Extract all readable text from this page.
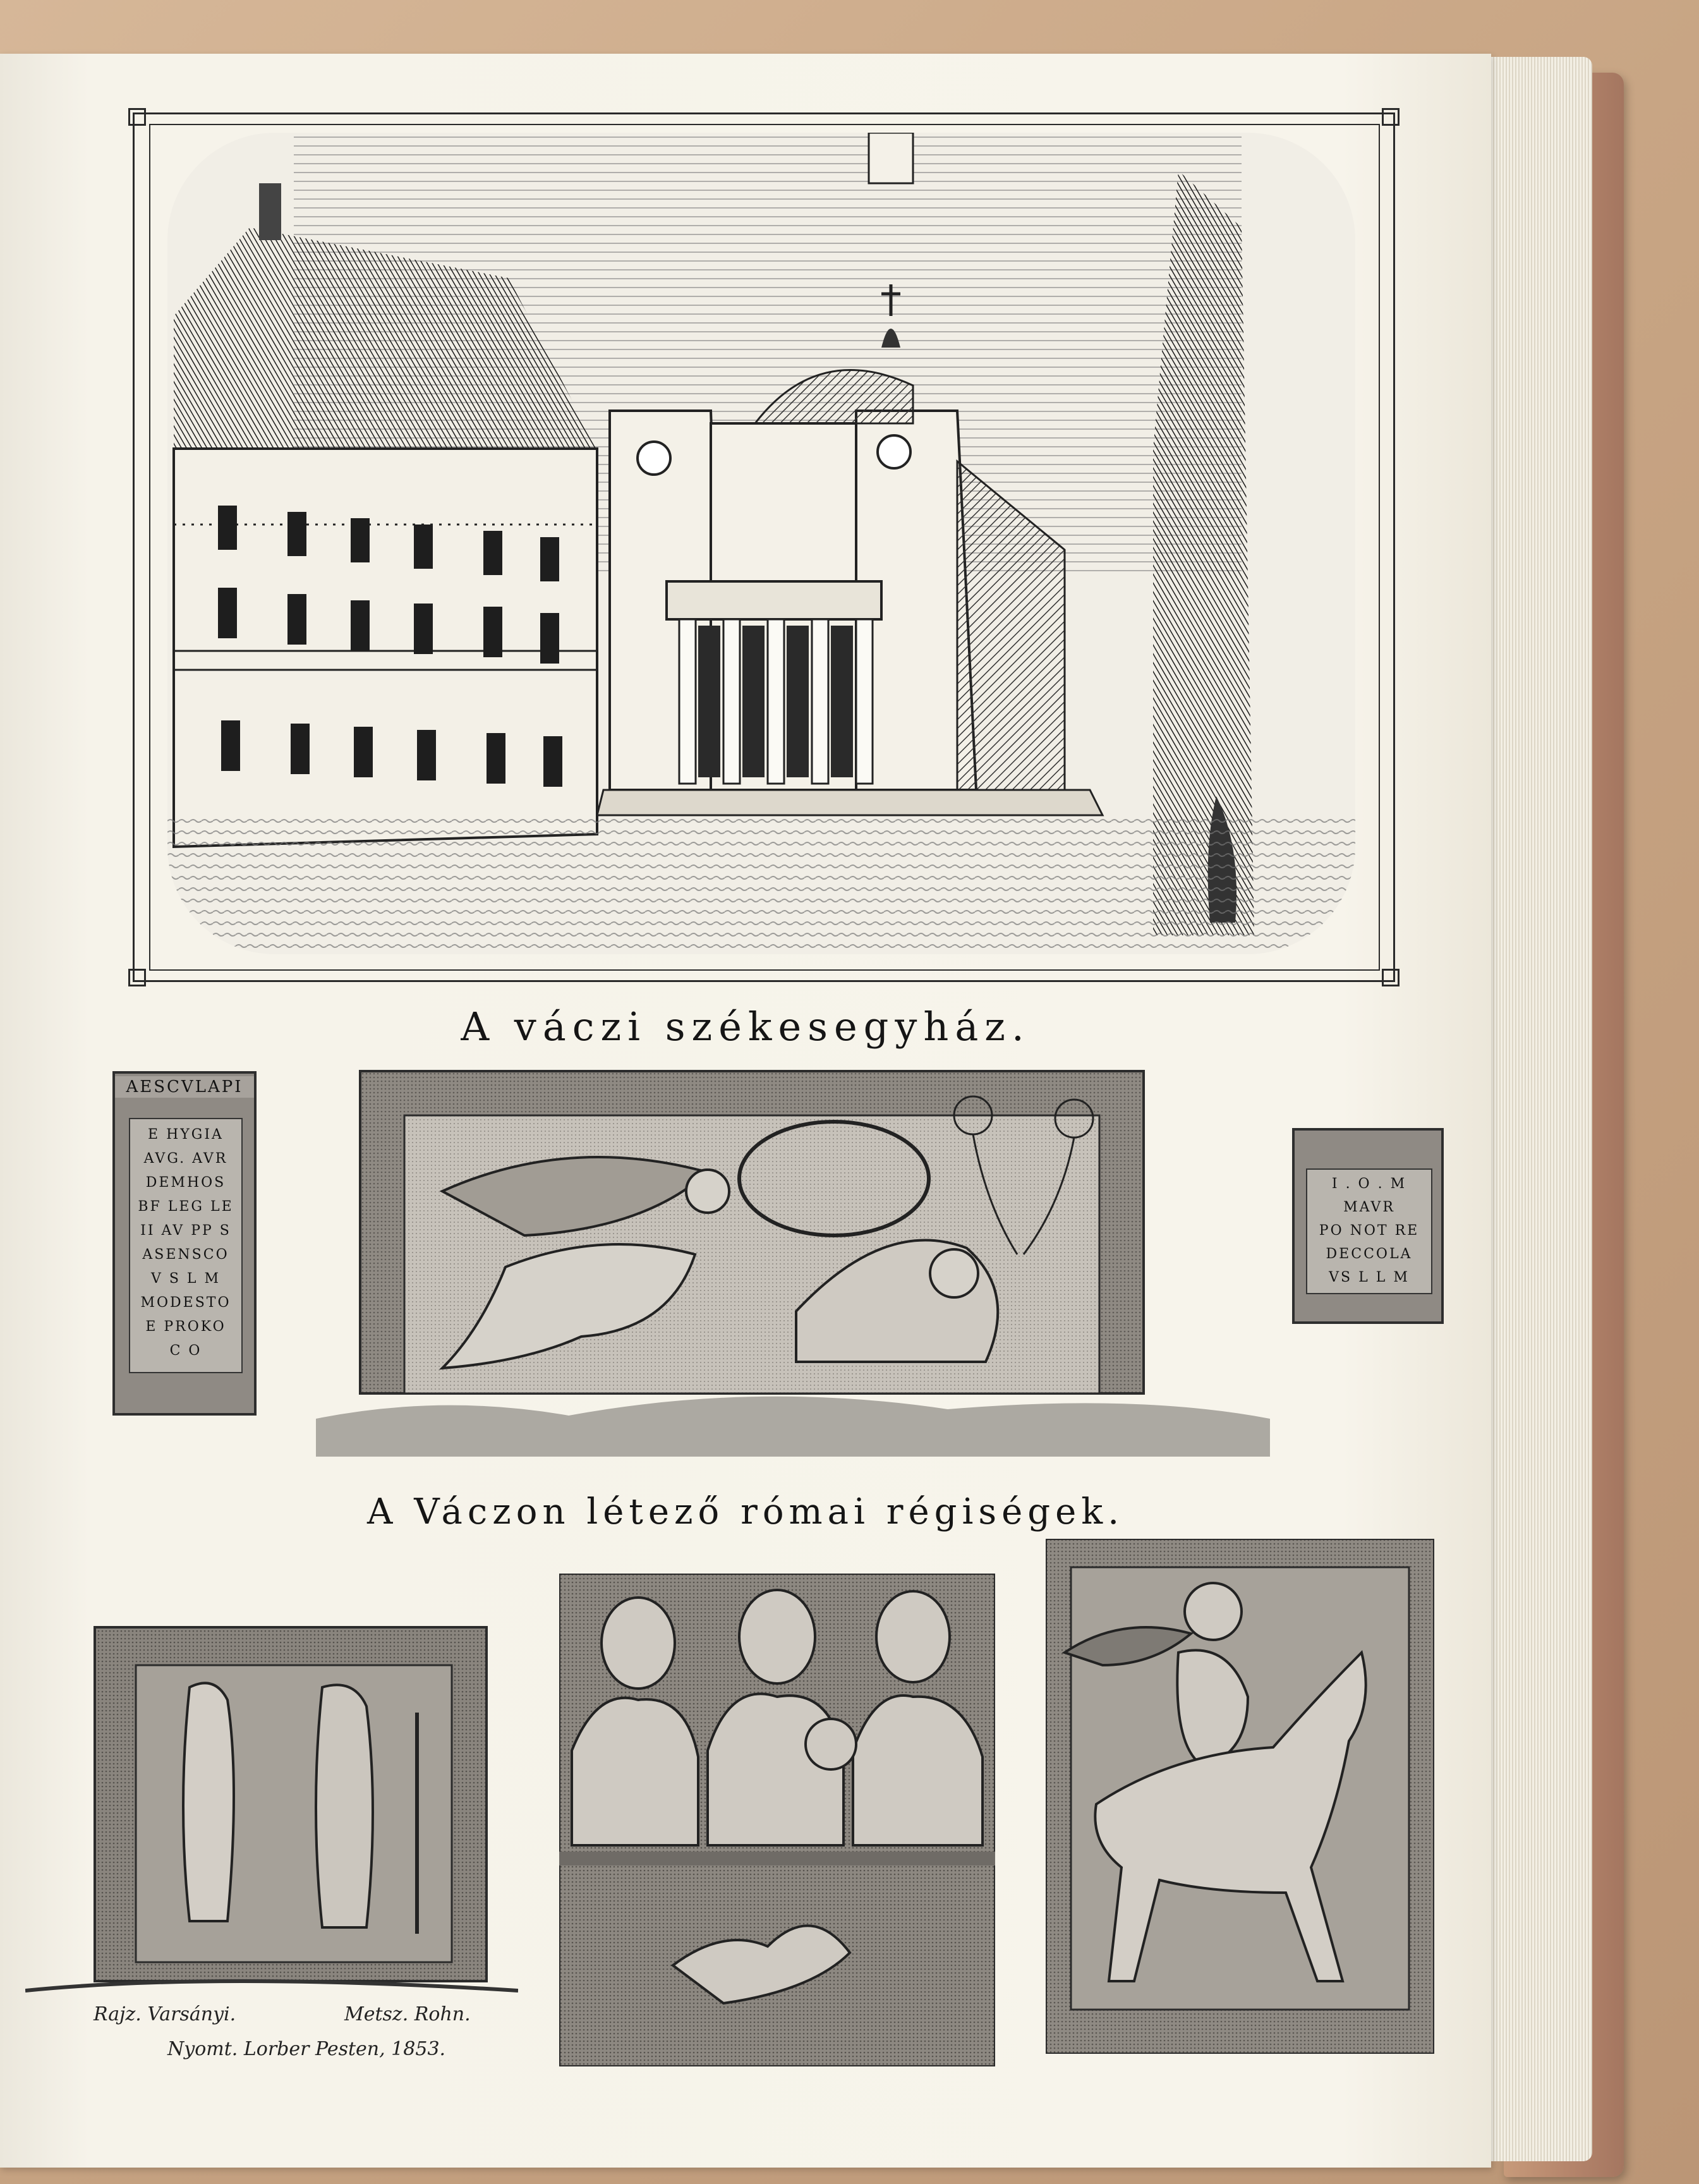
A váczi székesegyház.
AESCVLAPI
E HYGIA
AVG. AVR
DEMHOS
BF LEG LE
II AV PP S
ASENSCO
V S L M
MODESTO
E PROKO
C O
I . O . M
MAVR
PO NOT RE
DECCOLA
VS L L M
A Váczon létező római régiségek.
Rajz. Varsányi.	Metsz. Rohn.
Nyomt. Lorber Pesten, 1853.
